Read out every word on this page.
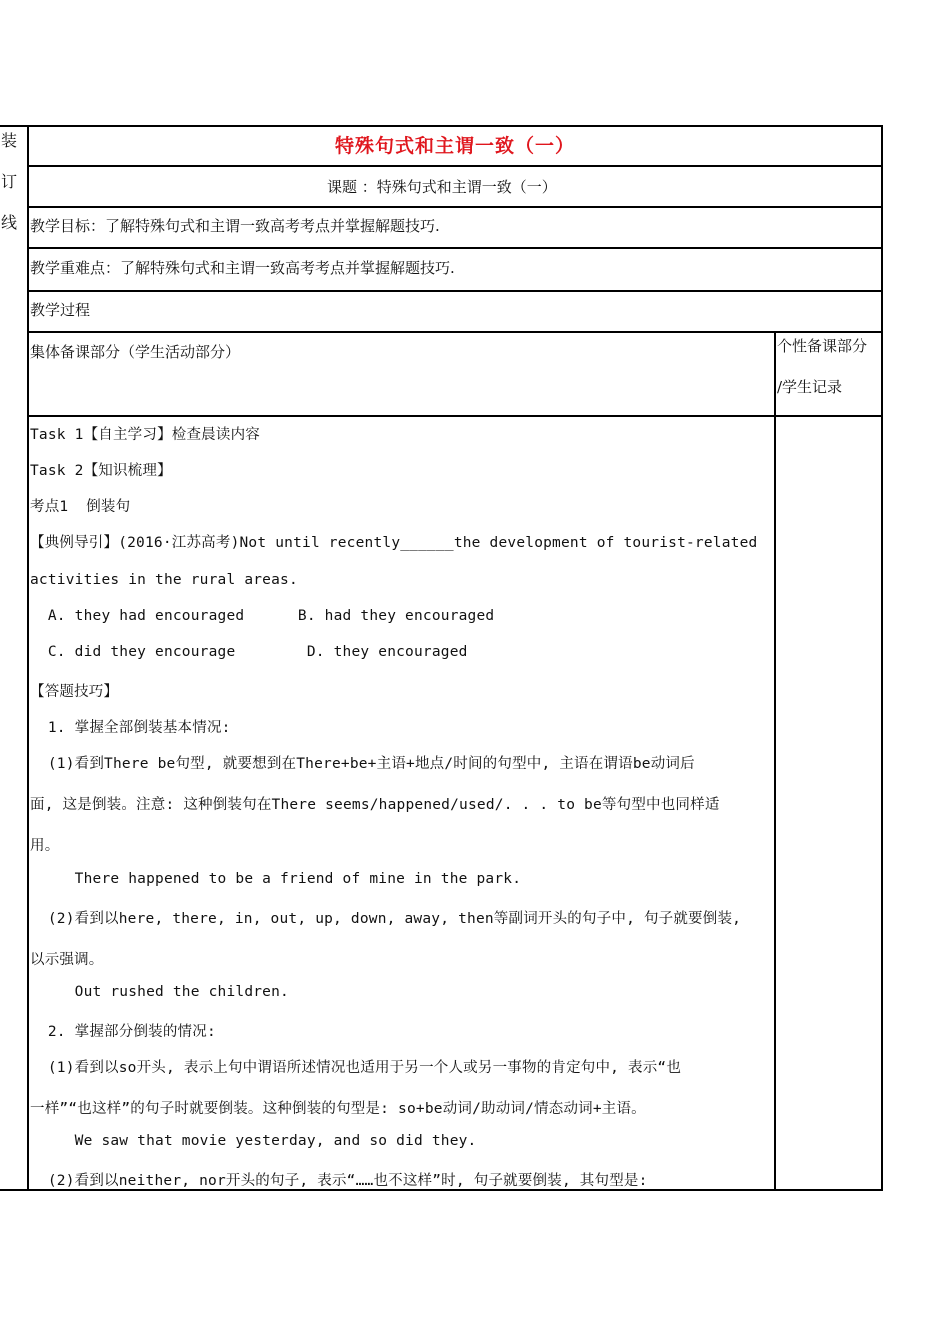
装
订
线
特殊句式和主谓一致（一）
课题 ：特殊句式和主谓一致（一）
教学目标：了解特殊句式和主谓一致高考考点并掌握解题技巧.
教学重难点：了解特殊句式和主谓一致高考考点并掌握解题技巧.
教学过程
集体备课部分（学生活动部分）	个性备课部分
/学生记录
Task 1【自主学习】检查晨读内容
Task 2【知识梳理】
考点1  倒装句
【典例导引】(2016·江苏高考)Not until recently______the development of tourist-related
activities in the rural areas.
A. they had encouraged      B. had they encouraged
C. did they encourage        D. they encouraged
【答题技巧】
1. 掌握全部倒装基本情况:
(1)看到There be句型, 就要想到在There+be+主语+地点/时间的句型中, 主语在谓语be动词后
面, 这是倒装。注意: 这种倒装句在There seems/happened/used/. . . to be等句型中也同样适
用。
There happened to be a friend of mine in the park.
(2)看到以here, there, in, out, up, down, away, then等副词开头的句子中, 句子就要倒装,
以示强调。
Out rushed the children.
2. 掌握部分倒装的情况:
(1)看到以so开头, 表示上句中谓语所述情况也适用于另一个人或另一事物的肯定句中, 表示“也
一样”“也这样”的句子时就要倒装。这种倒装的句型是: so+be动词/助动词/情态动词+主语。
We saw that movie yesterday, and so did they.
(2)看到以neither, nor开头的句子, 表示“……也不这样”时, 句子就要倒装, 其句型是:
